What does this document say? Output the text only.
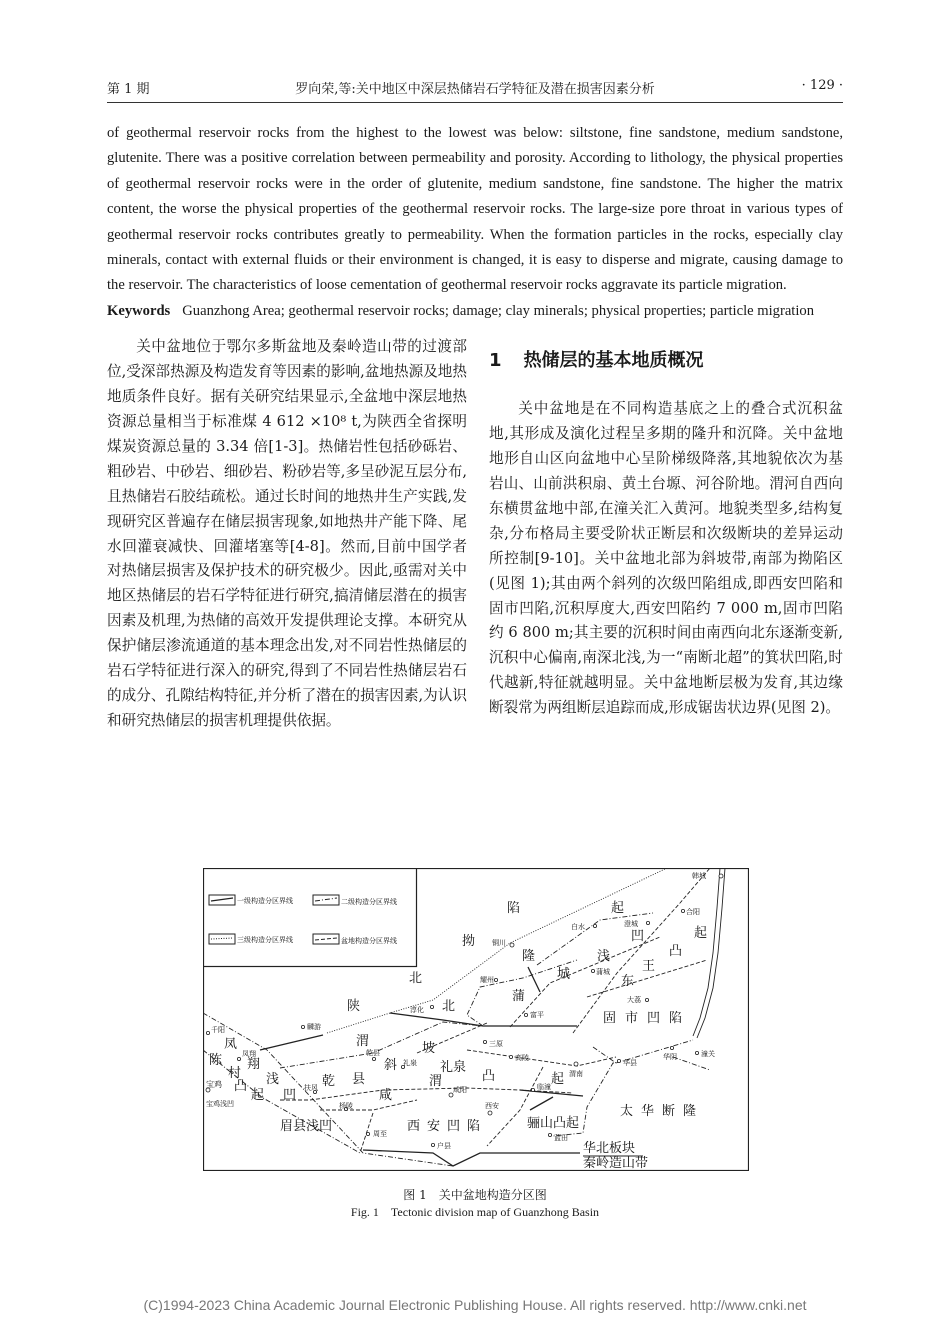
第 1 期	罗向荣,等:关中地区中深层热储岩石学特征及潜在损害因素分析	· 129 ·

of geothermal reservoir rocks from the highest to the lowest was below: siltstone, fine sandstone, medium sandstone, glutenite. There was a positive correlation between permeability and porosity. According to lithology, the physical properties of geothermal reservoir rocks were in the order of glutenite, medium sandstone, fine sandstone. The higher the matrix content, the worse the physical properties of the geothermal reservoir rocks. The large-size pore throat in various types of geothermal reservoir rocks contributes greatly to permeability. When the formation particles in the rocks, especially clay minerals, contact with external fluids or their environment is changed, it is easy to disperse and migrate, causing damage to the reservoir. The characteristics of loose cementation of geothermal reservoir rocks aggravate its particle migration.

Keywords Guanzhong Area; geothermal reservoir rocks; damage; clay minerals; physical properties; particle migration

关中盆地位于鄂尔多斯盆地及秦岭造山带的过渡部位,受深部热源及构造发育等因素的影响,盆地热源及地热地质条件良好。据有关研究结果显示,全盆地中深层地热资源总量相当于标准煤 4 612 ×10⁸ t,为陕西全省探明煤炭资源总量的 3.34 倍[1-3]。热储岩性包括砂砾岩、粗砂岩、中砂岩、细砂岩、粉砂岩等,多呈砂泥互层分布,且热储岩石胶结疏松。通过长时间的地热井生产实践,发现研究区普遍存在储层损害现象,如地热井产能下降、尾水回灌衰减快、回灌堵塞等[4-8]。然而,目前中国学者对热储层损害及保护技术的研究极少。因此,亟需对关中地区热储层的岩石学特征进行研究,搞清储层潜在的损害因素及机理,为热储的高效开发提供理论支撑。本研究从保护储层渗流通道的基本理念出发,对不同岩性热储层的岩石学特征进行深入的研究,得到了不同岩性热储层岩石的成分、孔隙结构特征,并分析了潜在的损害因素,为认识和研究热储层的损害机理提供依据。

1 热储层的基本地质概况

关中盆地是在不同构造基底之上的叠合式沉积盆地,其形成及演化过程呈多期的隆升和沉降。关中盆地地形自山区向盆地中心呈阶梯级降落,其地貌依次为基岩山、山前洪积扇、黄土台塬、河谷阶地。渭河自西向东横贯盆地中部,在潼关汇入黄河。地貌类型多,结构复杂,分布格局主要受阶状正断层和次级断块的差异运动所控制[9-10]。关中盆地北部为斜坡带,南部为拗陷区(见图 1);其由两个斜列的次级凹陷组成,即西安凹陷和固市凹陷,沉积厚度大,西安凹陷约 7 000 m,固市凹陷约 6 800 m;其主要的沉积时间由南西向北东逐渐变新,沉积中心偏南,南深北浅,为一“南断北超”的箕状凹陷,时代越新,特征就越明显。关中盆地断层极为发育,其边缘断裂常为两组断层追踪而成,形成锯齿状边界(见图 2)。

一级构造分区界线	二级构造分区界线
三级构造分区界线	盆地构造分区界线
陷	起
拗 铜川
隆	浅
凹
凸
起
白水	澄城
合阳
韩城
城	蒲城 王
东
北	耀州
蒲	大荔
固市凹陷
陕	北
淳化
富平
麟游
千阳
渭	三原
凤
凤翔	坡
陈 翔
乾县
斜 礼泉
高陵
礼泉
浅
村
乾 县	渭	凸	起 渭南
华县
华阴	潼关
宝鸡 凸
凹 扶风
起
宝鸡浅凹
咸	咸阳	临潼
杨陵	西安	太华断隆
眉县浅凹	西安凹陷	骊山凸起
周至	蓝田
户县	华北板块
秦岭造山带
图 1　关中盆地构造分区图
Fig. 1　Tectonic division map of Guanzhong Basin
(C)1994-2023 China Academic Journal Electronic Publishing House. All rights reserved. http://www.cnki.net
